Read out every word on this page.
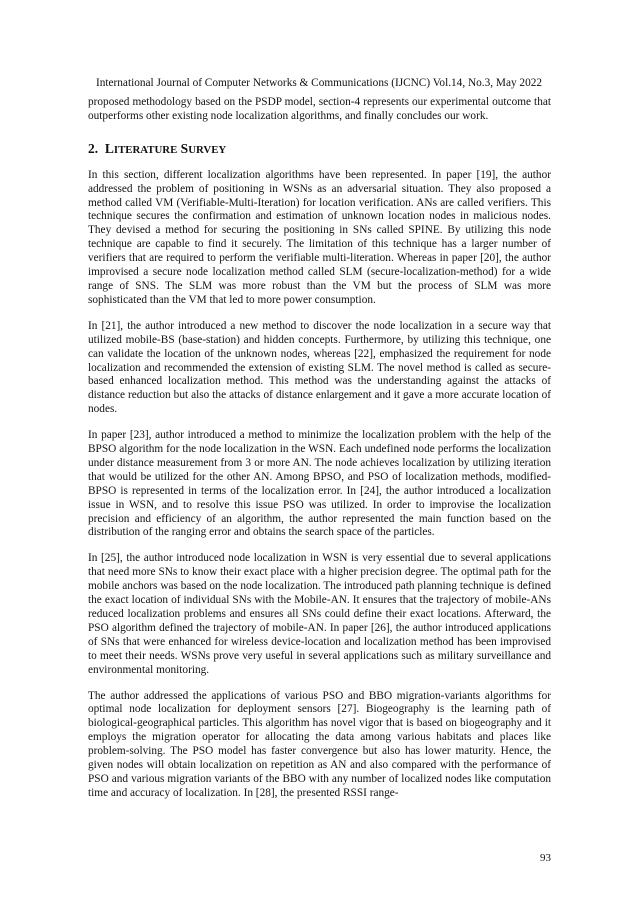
International Journal of Computer Networks & Communications (IJCNC) Vol.14, No.3, May 2022

proposed methodology based on the PSDP model, section-4 represents our experimental outcome that outperforms other existing node localization algorithms, and finally concludes our work.

2. LITERATURE SURVEY

In this section, different localization algorithms have been represented. In paper [19], the author addressed the problem of positioning in WSNs as an adversarial situation. They also proposed a method called VM (Verifiable-Multi-Iteration) for location verification. ANs are called verifiers. This technique secures the confirmation and estimation of unknown location nodes in malicious nodes. They devised a method for securing the positioning in SNs called SPINE. By utilizing this node technique are capable to find it securely. The limitation of this technique has a larger number of verifiers that are required to perform the verifiable multi-literation. Whereas in paper [20], the author improvised a secure node localization method called SLM (secure-localization-method) for a wide range of SNS. The SLM was more robust than the VM but the process of SLM was more sophisticated than the VM that led to more power consumption.

In [21], the author introduced a new method to discover the node localization in a secure way that utilized mobile-BS (base-station) and hidden concepts. Furthermore, by utilizing this technique, one can validate the location of the unknown nodes, whereas [22], emphasized the requirement for node localization and recommended the extension of existing SLM. The novel method is called as secure-based enhanced localization method. This method was the understanding against the attacks of distance reduction but also the attacks of distance enlargement and it gave a more accurate location of nodes.

In paper [23], author introduced a method to minimize the localization problem with the help of the BPSO algorithm for the node localization in the WSN. Each undefined node performs the localization under distance measurement from 3 or more AN. The node achieves localization by utilizing iteration that would be utilized for the other AN. Among BPSO, and PSO of localization methods, modified-BPSO is represented in terms of the localization error. In [24], the author introduced a localization issue in WSN, and to resolve this issue PSO was utilized. In order to improvise the localization precision and efficiency of an algorithm, the author represented the main function based on the distribution of the ranging error and obtains the search space of the particles.

In [25], the author introduced node localization in WSN is very essential due to several applications that need more SNs to know their exact place with a higher precision degree. The optimal path for the mobile anchors was based on the node localization. The introduced path planning technique is defined the exact location of individual SNs with the Mobile-AN. It ensures that the trajectory of mobile-ANs reduced localization problems and ensures all SNs could define their exact locations. Afterward, the PSO algorithm defined the trajectory of mobile-AN. In paper [26], the author introduced applications of SNs that were enhanced for wireless device-location and localization method has been improvised to meet their needs. WSNs prove very useful in several applications such as military surveillance and environmental monitoring.

The author addressed the applications of various PSO and BBO migration-variants algorithms for optimal node localization for deployment sensors [27]. Biogeography is the learning path of biological-geographical particles. This algorithm has novel vigor that is based on biogeography and it employs the migration operator for allocating the data among various habitats and places like problem-solving. The PSO model has faster convergence but also has lower maturity. Hence, the given nodes will obtain localization on repetition as AN and also compared with the performance of PSO and various migration variants of the BBO with any number of localized nodes like computation time and accuracy of localization. In [28], the presented RSSI range-

93
